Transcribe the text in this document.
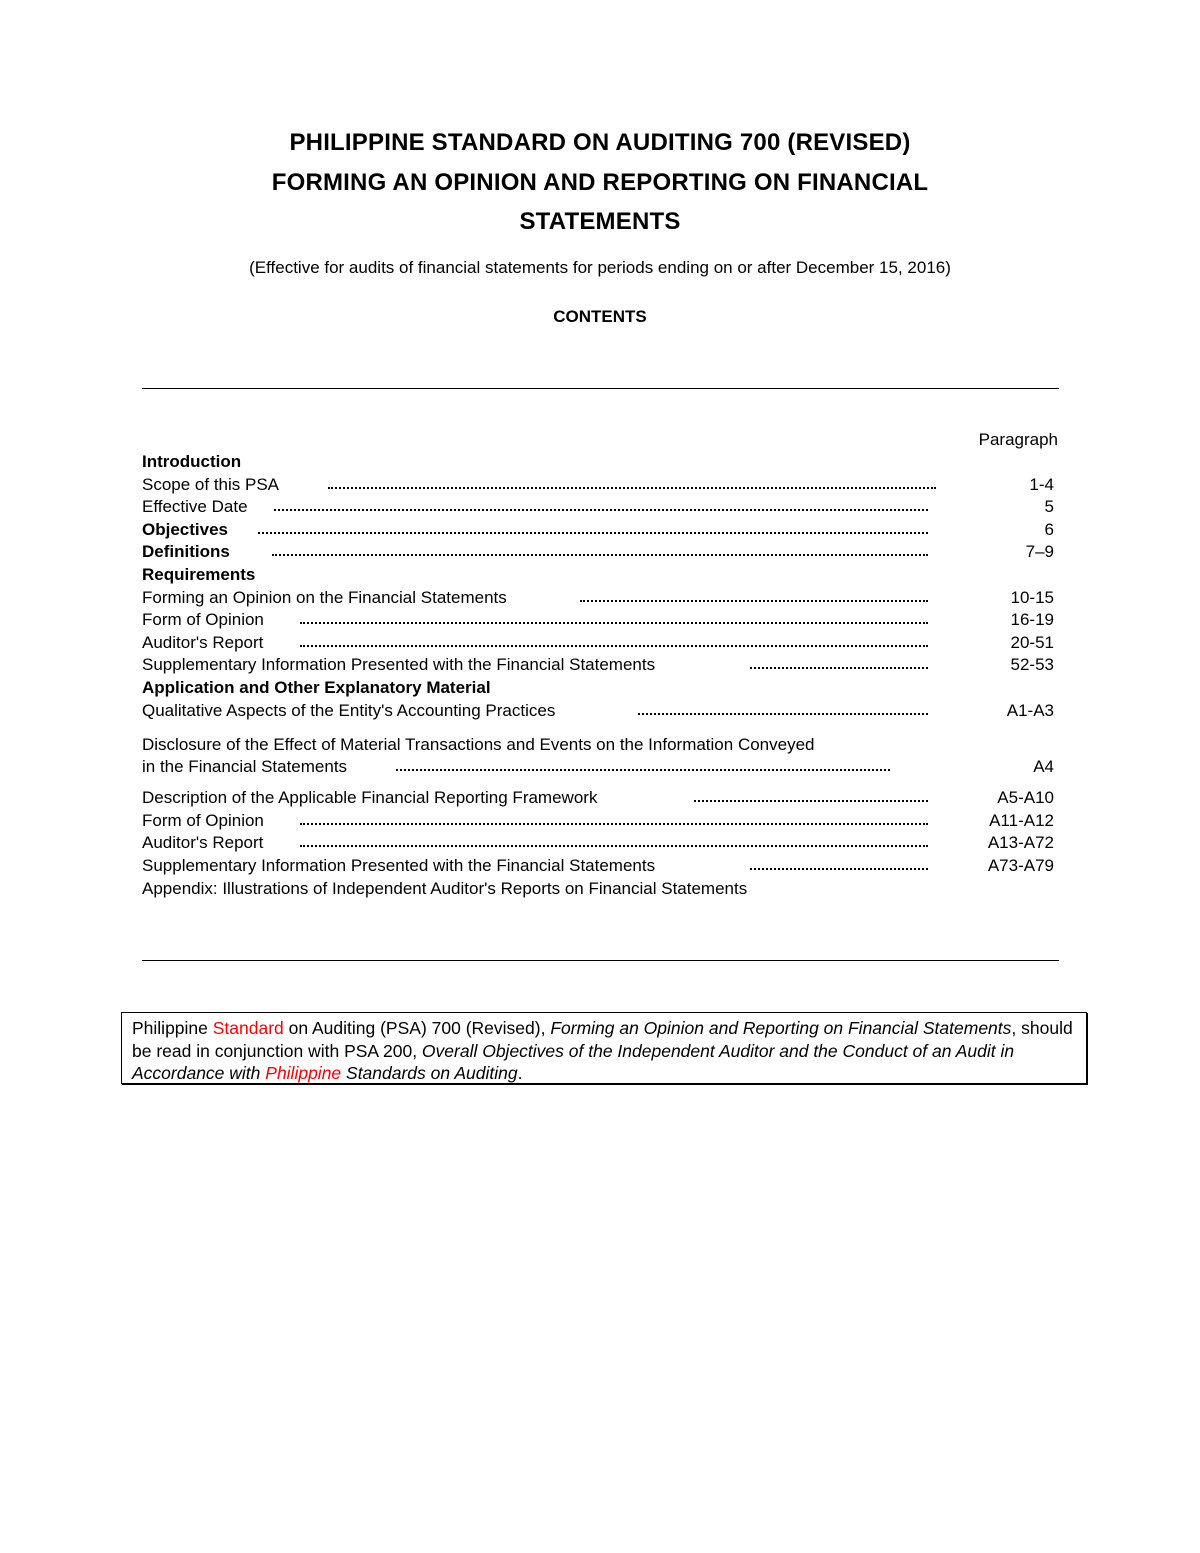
PHILIPPINE STANDARD ON AUDITING 700 (REVISED)
FORMING AN OPINION AND REPORTING ON FINANCIAL
STATEMENTS
(Effective for audits of financial statements for periods ending on or after December 15, 2016)
CONTENTS
Paragraph
Introduction
Scope of this PSA	1-4
Effective Date	5
Objectives	6
Definitions	7–9
Requirements
Forming an Opinion on the Financial Statements	10-15
Form of Opinion	16-19
Auditor's Report	20-51
Supplementary Information Presented with the Financial Statements	52-53
Application and Other Explanatory Material
Qualitative Aspects of the Entity's Accounting Practices	A1-A3
Disclosure of the Effect of Material Transactions and Events on the Information Conveyed
in the Financial Statements	A4
Description of the Applicable Financial Reporting Framework	A5-A10
Form of Opinion	A11-A12
Auditor's Report	A13-A72
Supplementary Information Presented with the Financial Statements	A73-A79
Appendix: Illustrations of Independent Auditor's Reports on Financial Statements
Philippine Standard on Auditing (PSA) 700 (Revised), Forming an Opinion and Reporting on Financial Statements, should be read in conjunction with PSA 200, Overall Objectives of the Independent Auditor and the Conduct of an Audit in Accordance with Philippine Standards on Auditing.
